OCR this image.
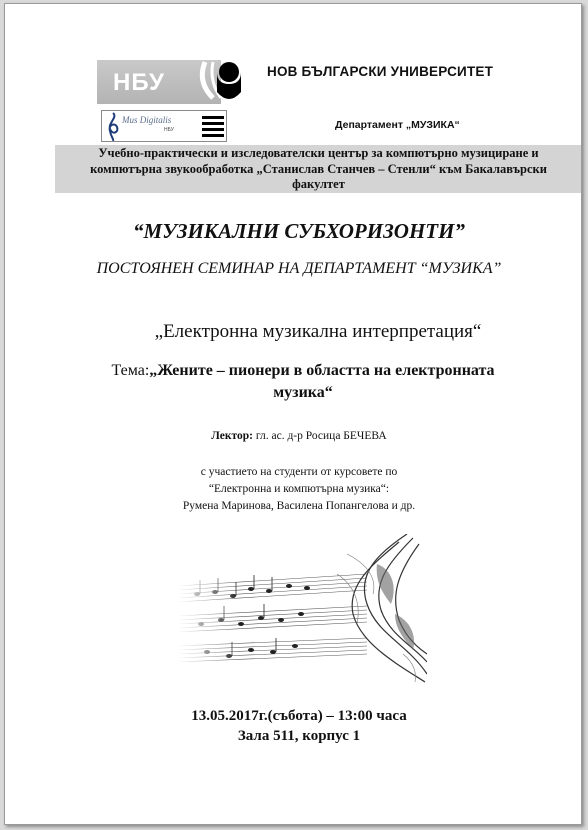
НБУ	НОВ БЪЛГАРСКИ УНИВЕРСИТЕТ
Mus Digitalis
НБУ	Департамент „МУЗИКА“
Учебно-практически и изследователски център за компютърно музициране и
компютърна звукообработка „Станислав Станчев – Стенли“ към Бакалавърски
факултет
“МУЗИКАЛНИ СУБХОРИЗОНТИ”
ПОСТОЯНЕН СЕМИНАР НА ДЕПАРТАМЕНТ “МУЗИКА”
„Електронна музикална интерпретация“
Тема:„Жените – пионери в областта на електронната
музика“
Лектор: гл. ас. д-р Росица БЕЧЕВА
с участието на студенти от курсовете по
“Електронна и компютърна музика“:
Румена Маринова, Василена Попангелова и др.
13.05.2017г.(събота) – 13:00 часа
Зала 511, корпус 1
